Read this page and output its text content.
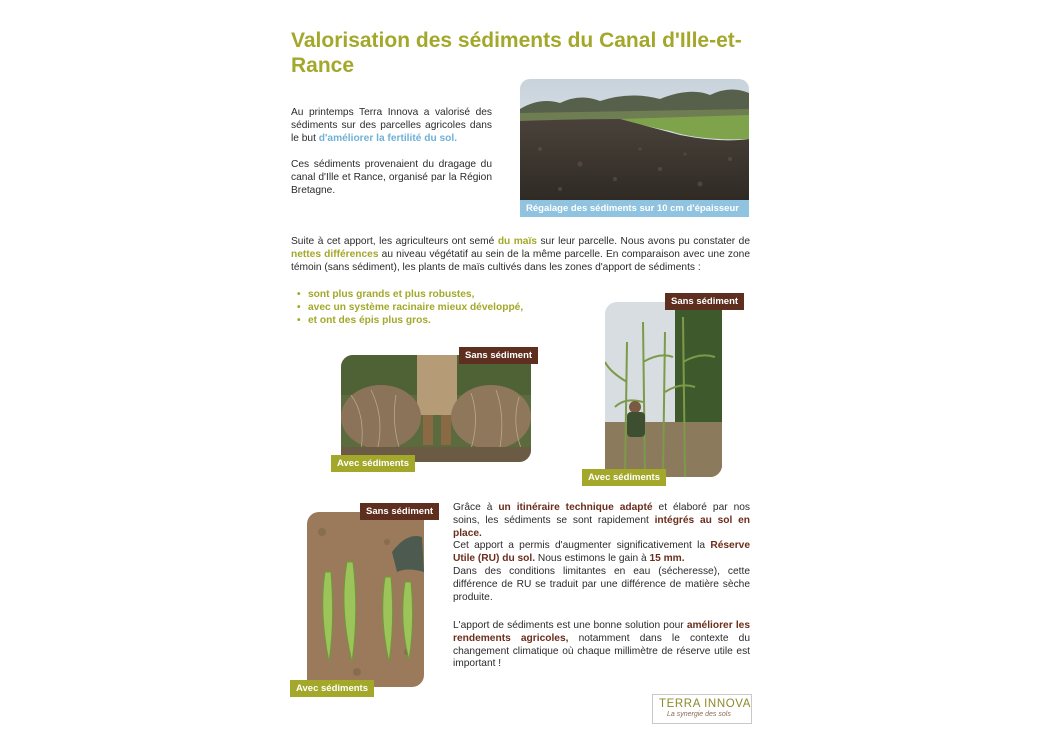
Valorisation des sédiments du Canal d'Ille-et-Rance

Au printemps Terra Innova a valorisé des sédiments sur des parcelles agricoles dans le but d'améliorer la fertilité du sol.

Ces sédiments provenaient du dragage du canal d'Ille et Rance, organisé par la Région Bretagne.

Régalage des sédiments sur 10 cm d'épaisseur

Suite à cet apport, les agriculteurs ont semé du maïs sur leur parcelle. Nous avons pu constater de nettes différences au niveau végétatif au sein de la même parcelle. En comparaison avec une zone témoin (sans sédiment), les plants de maïs cultivés dans les zones d'apport de sédiments :

• sont plus grands et plus robustes,
• avec un système racinaire mieux développé,
• et ont des épis plus gros.
Sans sédiment
Avec sédiments
Sans sédiment
Avec sédiments
Sans sédiment
Avec sédiments

Grâce à un itinéraire technique adapté et élaboré par nos soins, les sédiments se sont rapidement intégrés au sol en place.
Cet apport a permis d'augmenter significativement la Réserve Utile (RU) du sol. Nous estimons le gain à 15 mm.
Dans des conditions limitantes en eau (sécheresse), cette différence de RU se traduit par une différence de matière sèche produite.

L'apport de sédiments est une bonne solution pour améliorer les rendements agricoles, notamment dans le contexte du changement climatique où chaque millimètre de réserve utile est important !

TERRA INNOVA
La synergie des sols
